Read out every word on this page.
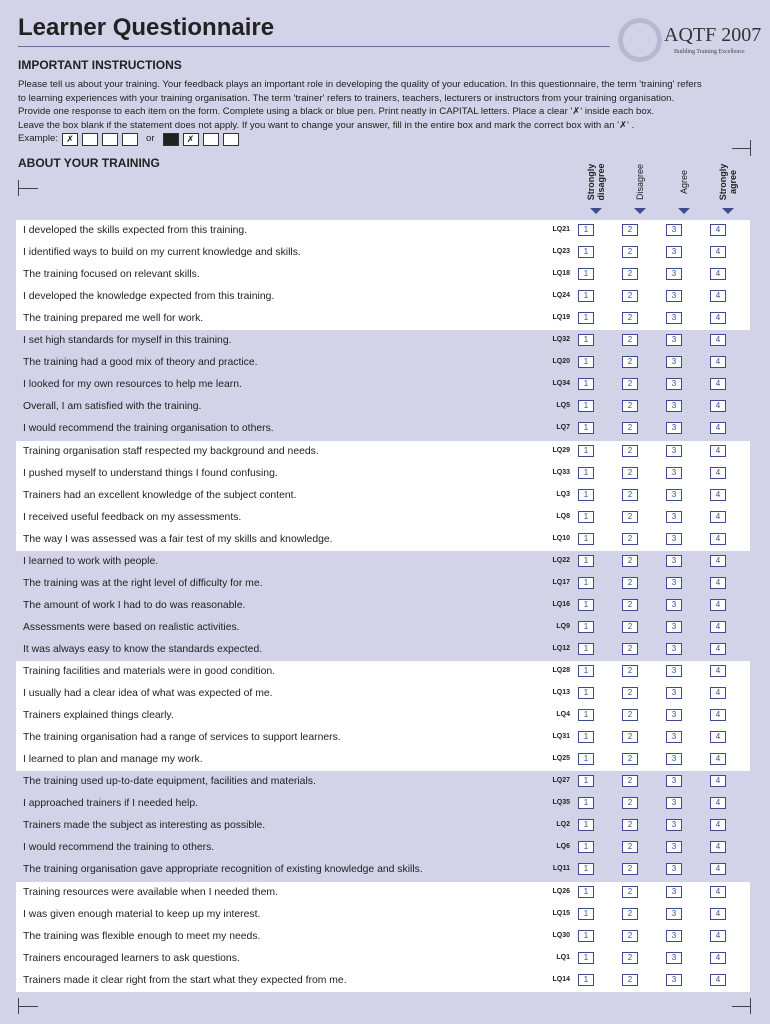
Learner Questionnaire	AQTF 2007
Building Training Excellence
IMPORTANT INSTRUCTIONS

Please tell us about your training. Your feedback plays an important role in developing the quality of your education. In this questionnaire, the term 'training' refers

to learning experiences with your training organisation. The term 'trainer' refers to trainers, teachers, lecturers or instructors from your training organisation.

Provide one response to each item on the form. Complete using a black or blue pen. Print neatly in CAPITAL letters. Place a clear '✗' inside each box.

Leave the box blank if the statement does not apply. If you want to change your answer, fill in the entire box and mark the correct box with an '✗' .

Example: ✗	or	✗
ABOUT YOUR TRAINING
Strongly
disagree	Disagree	Agree	Strongly
agree
I developed the skills expected from this training.	LQ21	1	2	3	4
I identified ways to build on my current knowledge and skills.	LQ23	1	2	3	4
The training focused on relevant skills.	LQ18	1	2	3	4
I developed the knowledge expected from this training.	LQ24	1	2	3	4
The training prepared me well for work.	LQ19	1	2	3	4
I set high standards for myself in this training.	LQ32	1	2	3	4
The training had a good mix of theory and practice.	LQ20	1	2	3	4
I looked for my own resources to help me learn.	LQ34	1	2	3	4
Overall, I am satisfied with the training.	LQ5	1	2	3	4
I would recommend the training organisation to others.	LQ7	1	2	3	4
Training organisation staff respected my background and needs.	LQ29	1	2	3	4
I pushed myself to understand things I found confusing.	LQ33	1	2	3	4
Trainers had an excellent knowledge of the subject content.	LQ3	1	2	3	4
I received useful feedback on my assessments.	LQ8	1	2	3	4
The way I was assessed was a fair test of my skills and knowledge.	LQ10	1	2	3	4
I learned to work with people.	LQ22	1	2	3	4
The training was at the right level of difficulty for me.	LQ17	1	2	3	4
The amount of work I had to do was reasonable.	LQ16	1	2	3	4
Assessments were based on realistic activities.	LQ9	1	2	3	4
It was always easy to know the standards expected.	LQ12	1	2	3	4
Training facilities and materials were in good condition.	LQ28	1	2	3	4
I usually had a clear idea of what was expected of me.	LQ13	1	2	3	4
Trainers explained things clearly.	LQ4	1	2	3	4
The training organisation had a range of services to support learners.	LQ31	1	2	3	4
I learned to plan and manage my work.	LQ25	1	2	3	4
The training used up-to-date equipment, facilities and materials.	LQ27	1	2	3	4
I approached trainers if I needed help.	LQ35	1	2	3	4
Trainers made the subject as interesting as possible.	LQ2	1	2	3	4
I would recommend the training to others.	LQ6	1	2	3	4
The training organisation gave appropriate recognition of existing knowledge and skills.	LQ11	1	2	3	4
Training resources were available when I needed them.	LQ26	1	2	3	4
I was given enough material to keep up my interest.	LQ15	1	2	3	4
The training was flexible enough to meet my needs.	LQ30	1	2	3	4
Trainers encouraged learners to ask questions.	LQ1	1	2	3	4
Trainers made it clear right from the start what they expected from me.	LQ14	1	2	3	4
